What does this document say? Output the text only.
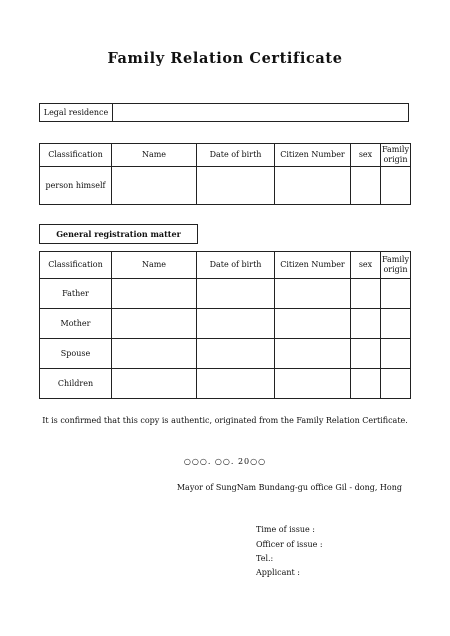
Family Relation Certificate
Legal residence
Classification	Name	Date of birth	Citizen Number	sex	Family origin
person himself					
General registration matter
Classification	Name	Date of birth	Citizen Number	sex	Family origin
Father					
Mother					
Spouse					
Children					
It is confirmed that this copy is authentic, originated from the Family Relation Certificate.
○○○. ○○. 20○○
Mayor of SungNam Bundang-gu office Gil - dong, Hong
Time of issue :
Officer of issue :
Tel.:
Applicant :
